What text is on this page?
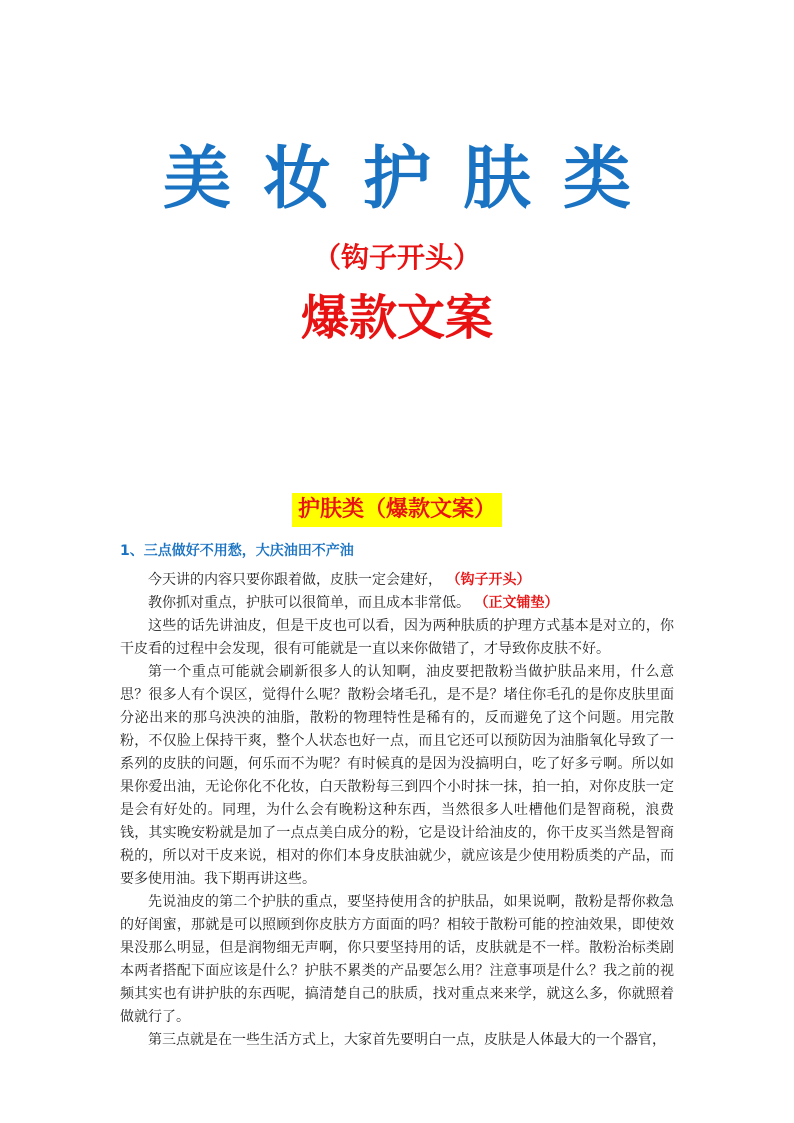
美妆护肤类
（钩子开头）
爆款文案
护肤类（爆款文案）
1、三点做好不用愁，大庆油田不产油

今天讲的内容只要你跟着做，皮肤一定会建好， （钩子开头）

教你抓对重点，护肤可以很简单，而且成本非常低。 （正文铺垫）

这些的话先讲油皮，但是干皮也可以看，因为两种肤质的护理方式基本是对立的，你干皮看的过程中会发现，很有可能就是一直以来你做错了，才导致你皮肤不好。

第一个重点可能就会刷新很多人的认知啊，油皮要把散粉当做护肤品来用，什么意思？很多人有个误区，觉得什么呢？散粉会堵毛孔，是不是？堵住你毛孔的是你皮肤里面分泌出来的那乌泱泱的油脂，散粉的物理特性是稀有的，反而避免了这个问题。用完散粉，不仅脸上保持干爽，整个人状态也好一点，而且它还可以预防因为油脂氧化导致了一系列的皮肤的问题，何乐而不为呢？有时候真的是因为没搞明白，吃了好多亏啊。所以如果你爱出油，无论你化不化妆，白天散粉每三到四个小时抹一抹，拍一拍，对你皮肤一定是会有好处的。同理，为什么会有晚粉这种东西，当然很多人吐槽他们是智商税，浪费钱，其实晚安粉就是加了一点点美白成分的粉，它是设计给油皮的，你干皮买当然是智商税的，所以对干皮来说，相对的你们本身皮肤油就少，就应该是少使用粉质类的产品，而要多使用油。我下期再讲这些。

先说油皮的第二个护肤的重点，要坚持使用含的护肤品，如果说啊，散粉是帮你救急的好闺蜜，那就是可以照顾到你皮肤方方面面的吗？相较于散粉可能的控油效果，即使效果没那么明显，但是润物细无声啊，你只要坚持用的话，皮肤就是不一样。散粉治标类剧本两者搭配下面应该是什么？护肤不累类的产品要怎么用？注意事项是什么？我之前的视频其实也有讲护肤的东西呢，搞清楚自己的肤质，找对重点来来学，就这么多，你就照着做就行了。

第三点就是在一些生活方式上，大家首先要明白一点，皮肤是人体最大的一个器官，
